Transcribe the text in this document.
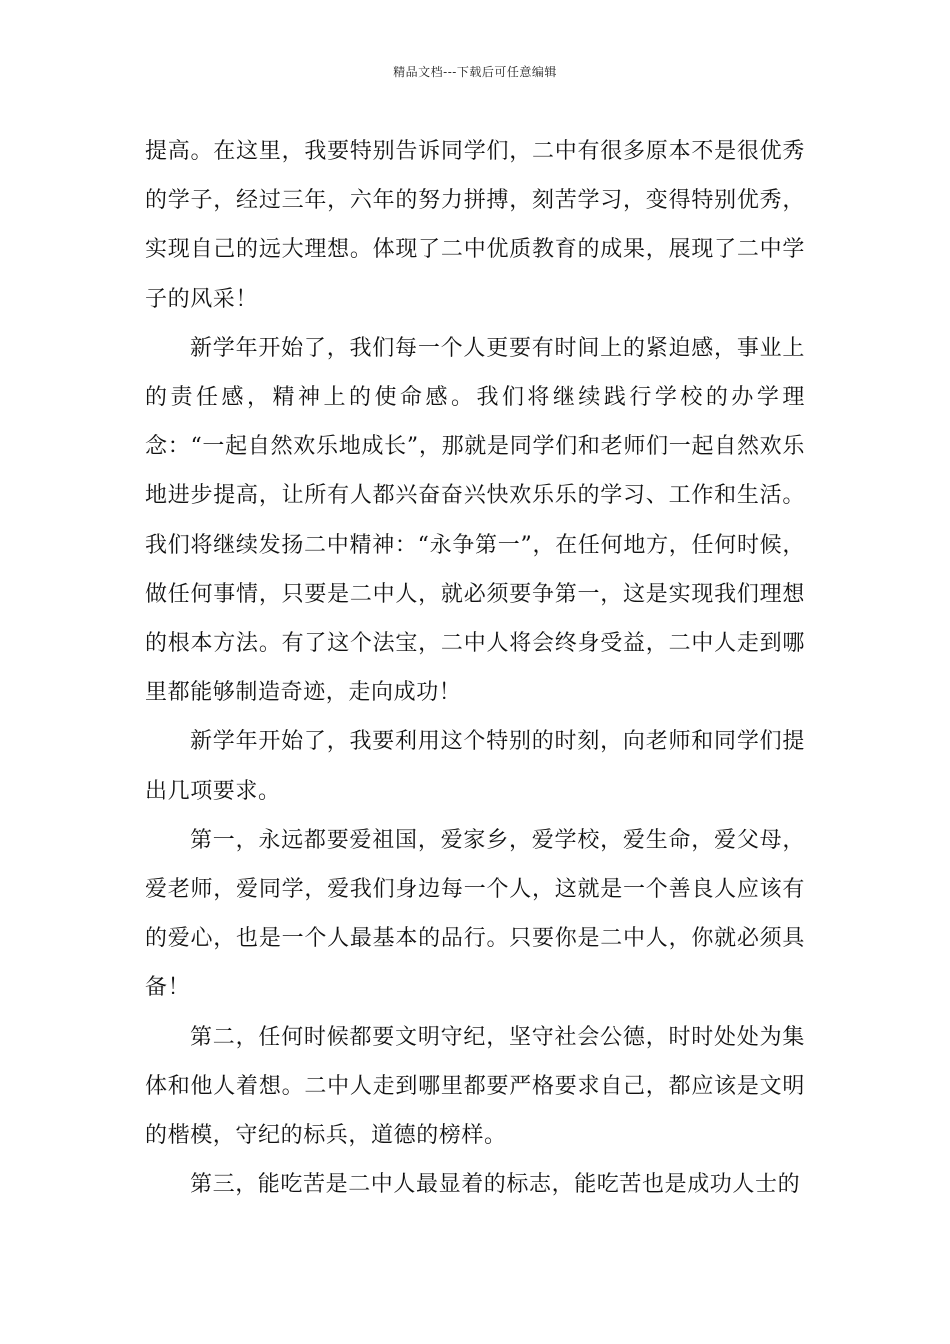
精品文档---下载后可任意编辑

提高。在这里，我要特别告诉同学们，二中有很多原本不是很优秀的学子，经过三年，六年的努力拼搏，刻苦学习，变得特别优秀，实现自己的远大理想。体现了二中优质教育的成果，展现了二中学子的风采！

新学年开始了，我们每一个人更要有时间上的紧迫感，事业上的责任感，精神上的使命感。我们将继续践行学校的办学理念：“一起自然欢乐地成长”，那就是同学们和老师们一起自然欢乐地进步提高，让所有人都兴奋奋兴快欢乐乐的学习、工作和生活。我们将继续发扬二中精神：“永争第一”，在任何地方，任何时候，做任何事情，只要是二中人，就必须要争第一，这是实现我们理想的根本方法。有了这个法宝，二中人将会终身受益，二中人走到哪里都能够制造奇迹，走向成功！

新学年开始了，我要利用这个特别的时刻，向老师和同学们提出几项要求。

第一，永远都要爱祖国，爱家乡，爱学校，爱生命，爱父母，爱老师，爱同学，爱我们身边每一个人，这就是一个善良人应该有的爱心，也是一个人最基本的品行。只要你是二中人，你就必须具备！

第二，任何时候都要文明守纪，坚守社会公德，时时处处为集体和他人着想。二中人走到哪里都要严格要求自己，都应该是文明的楷模，守纪的标兵，道德的榜样。

第三，能吃苦是二中人最显着的标志，能吃苦也是成功人士的
